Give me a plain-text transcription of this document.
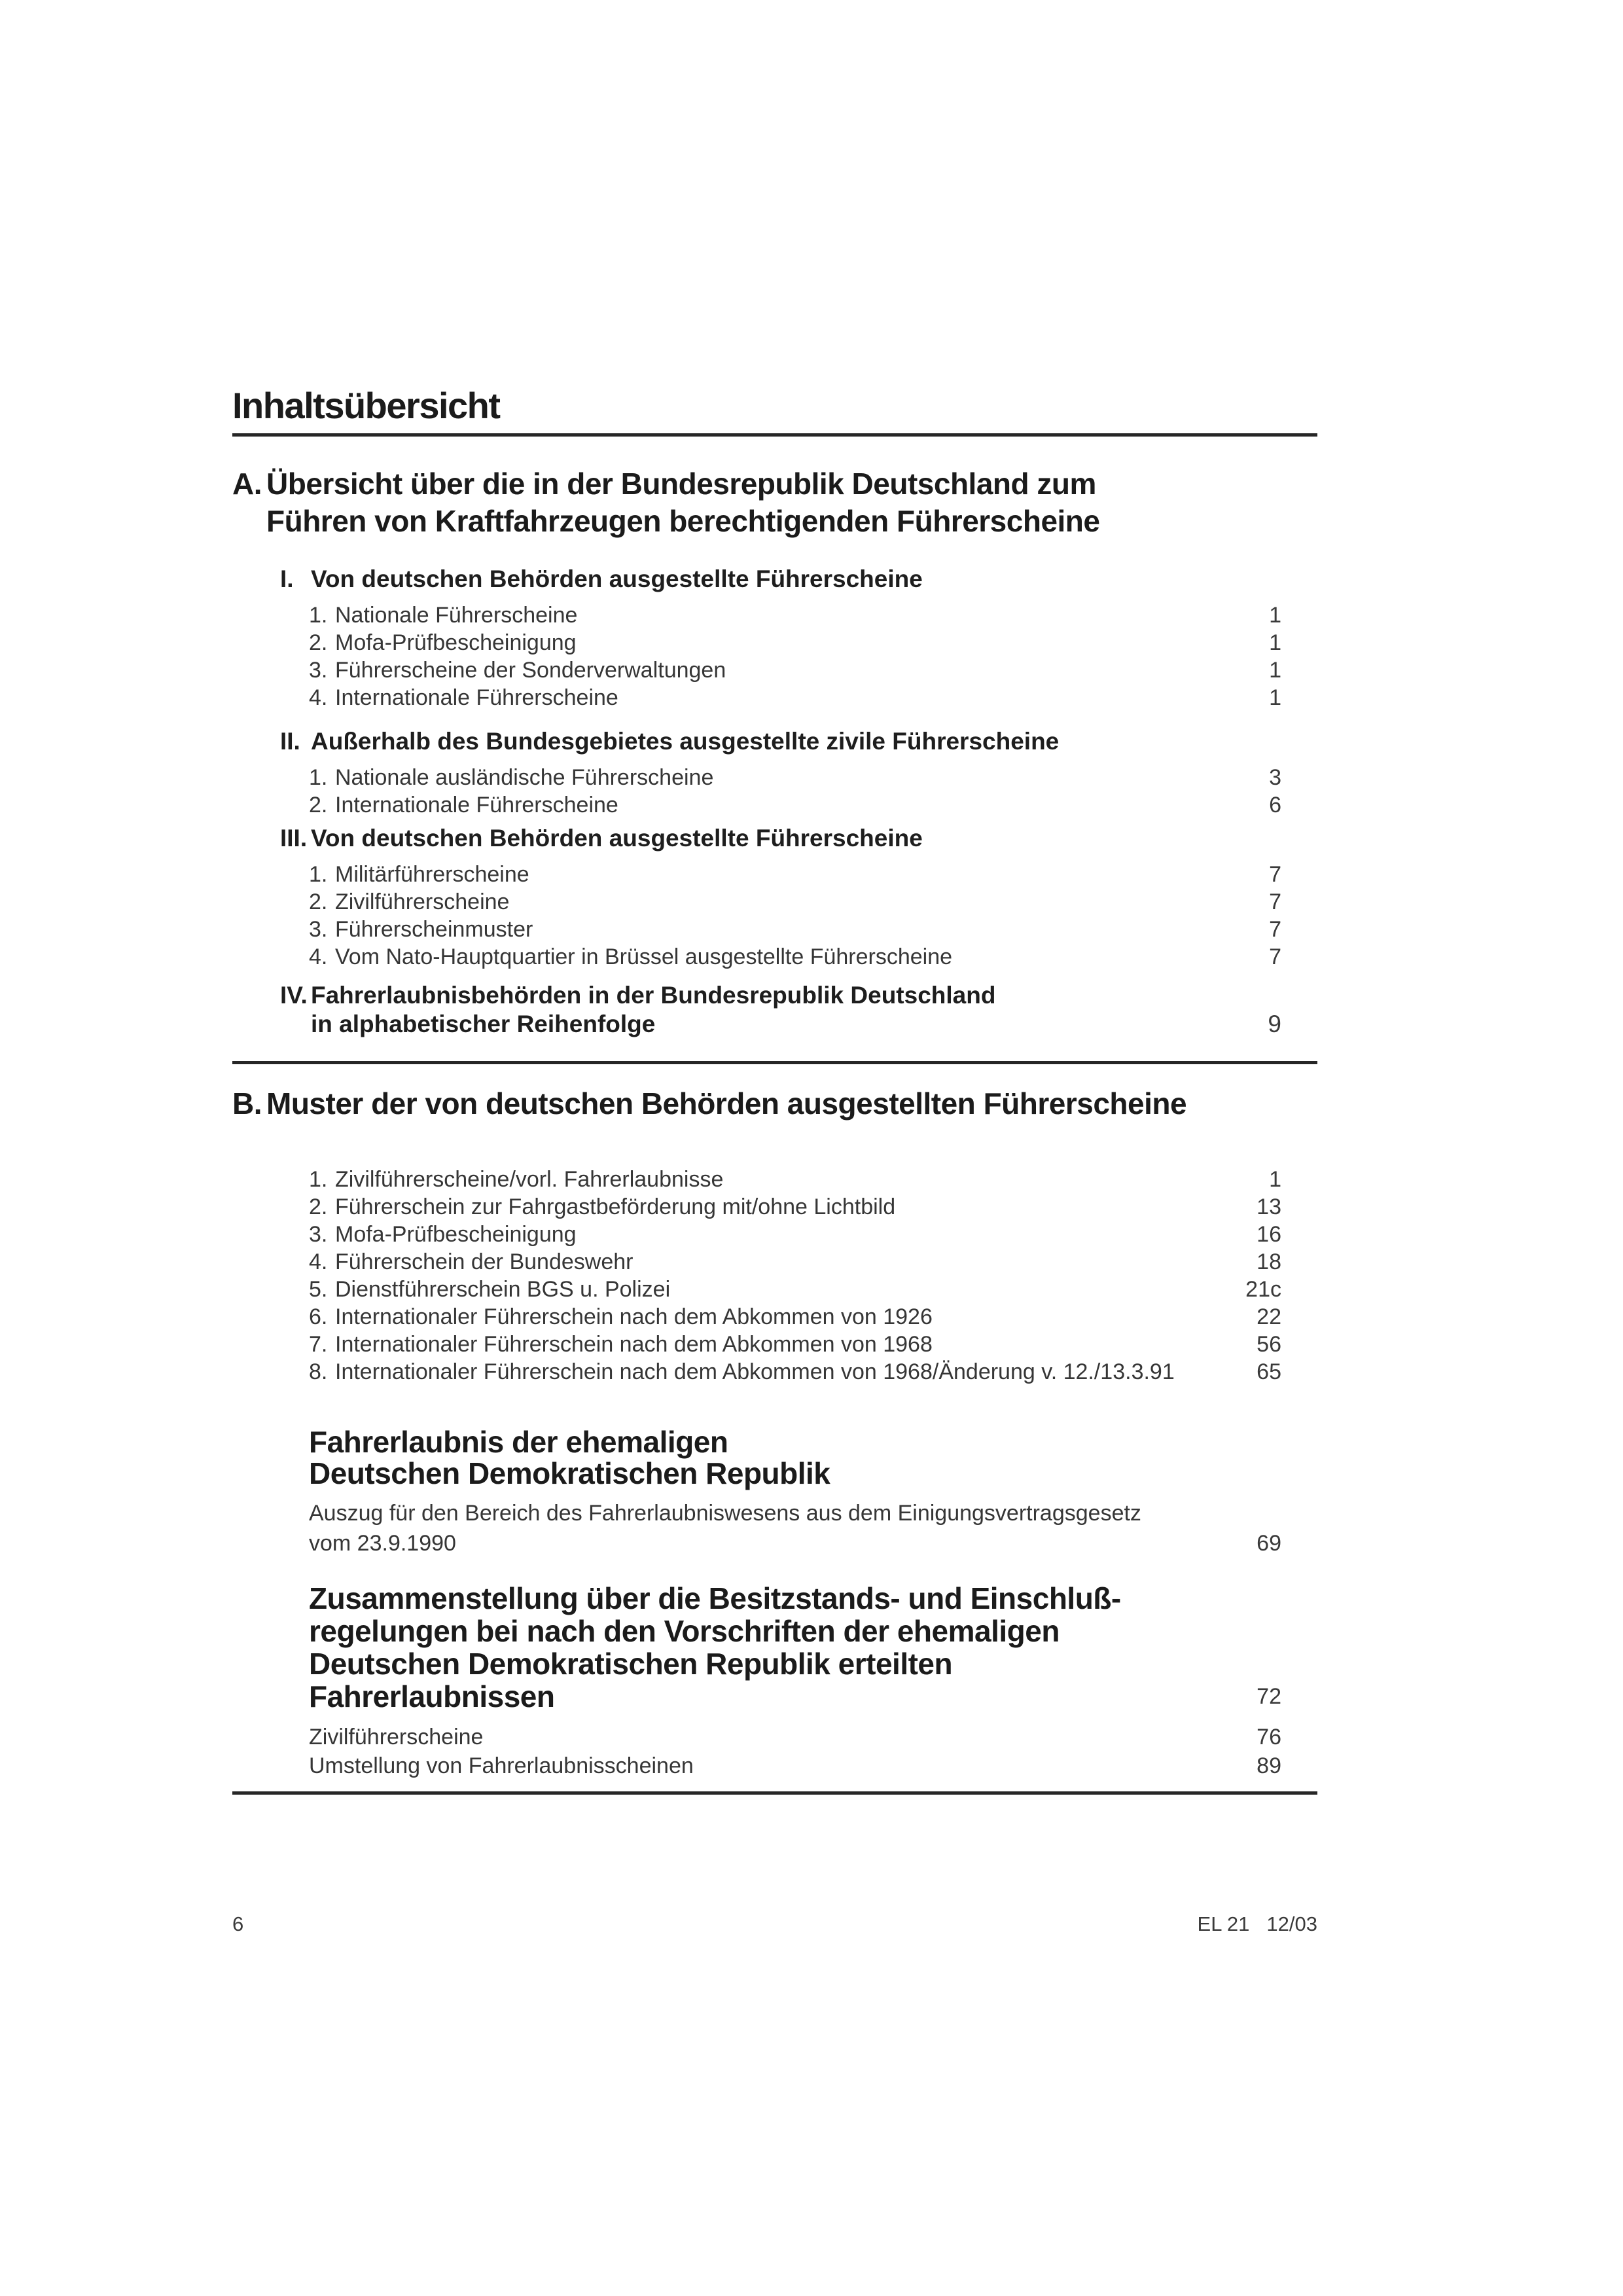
Inhaltsübersicht
A. Übersicht über die in der Bundesrepublik Deutschland zum
Führen von Kraftfahrzeugen berechtigenden Führerscheine
I. Von deutschen Behörden ausgestellte Führerscheine
1. Nationale Führerscheine	1
2. Mofa-Prüfbescheinigung	1
3. Führerscheine der Sonderverwaltungen	1
4. Internationale Führerscheine	1
II. Außerhalb des Bundesgebietes ausgestellte zivile Führerscheine
1. Nationale ausländische Führerscheine	3
2. Internationale Führerscheine	6
III. Von deutschen Behörden ausgestellte Führerscheine
1. Militärführerscheine	7
2. Zivilführerscheine	7
3. Führerscheinmuster	7
4. Vom Nato-Hauptquartier in Brüssel ausgestellte Führerscheine	7
IV. Fahrerlaubnisbehörden in der Bundesrepublik Deutschland
in alphabetischer Reihenfolge	9
B. Muster der von deutschen Behörden ausgestellten Führerscheine
1. Zivilführerscheine/vorl. Fahrerlaubnisse	1
2. Führerschein zur Fahrgastbeförderung mit/ohne Lichtbild	13
3. Mofa-Prüfbescheinigung	16
4. Führerschein der Bundeswehr	18
5. Dienstführerschein BGS u. Polizei	21c
6. Internationaler Führerschein nach dem Abkommen von 1926	22
7. Internationaler Führerschein nach dem Abkommen von 1968	56
8. Internationaler Führerschein nach dem Abkommen von 1968/Änderung v. 12./13.3.91	65
Fahrerlaubnis der ehemaligen
Deutschen Demokratischen Republik
Auszug für den Bereich des Fahrerlaubniswesens aus dem Einigungsvertragsgesetz
vom 23.9.1990	69
Zusammenstellung über die Besitzstands- und Einschluß-
regelungen bei nach den Vorschriften der ehemaligen
Deutschen Demokratischen Republik erteilten
Fahrerlaubnissen	72
Zivilführerscheine	76
Umstellung von Fahrerlaubnisscheinen	89
6	EL 21 12/03
